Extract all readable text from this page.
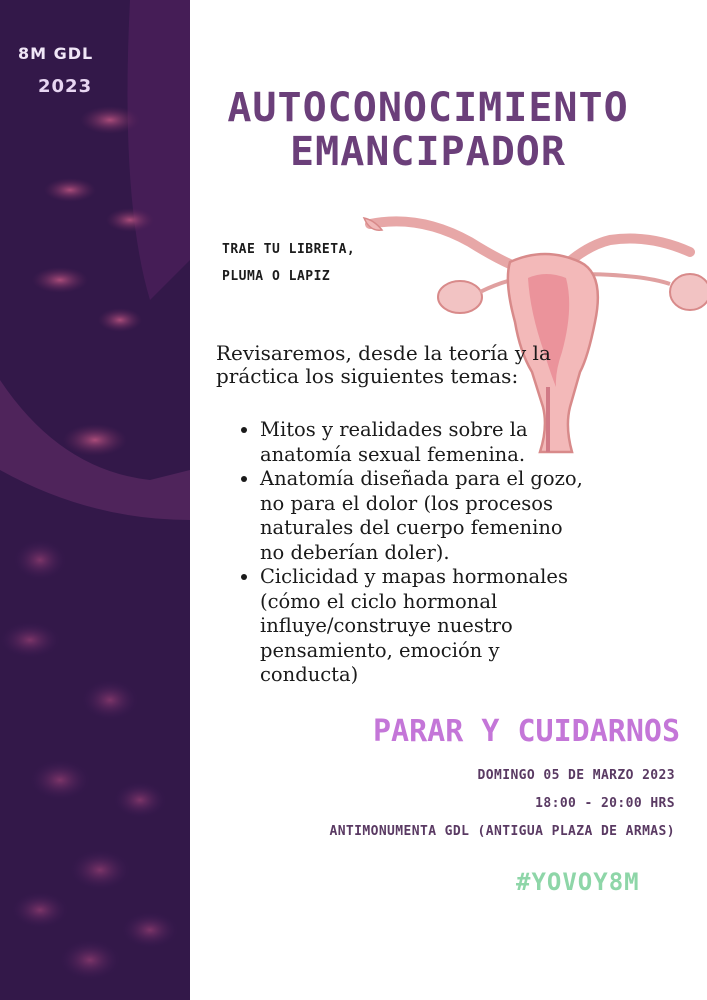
8M GDL
2023	AUTOCONOCIMIENTO
EMANCIPADOR
TRAE TU LIBRETA,
PLUMA O LAPIZ
Revisaremos, desde la teoría y la
práctica los siguientes temas:
• Mitos y realidades sobre la
anatomía sexual femenina.
• Anatomía diseñada para el gozo,
no para el dolor (los procesos
naturales del cuerpo femenino
no deberían doler).
• Ciclicidad y mapas hormonales
(cómo el ciclo hormonal
influye/construye nuestro
pensamiento, emoción y
conducta)
PARAR Y CUIDARNOS
DOMINGO 05 DE MARZO 2023
18:00 - 20:00 HRS
ANTIMONUMENTA GDL (ANTIGUA PLAZA DE ARMAS)
#YOVOY8M
